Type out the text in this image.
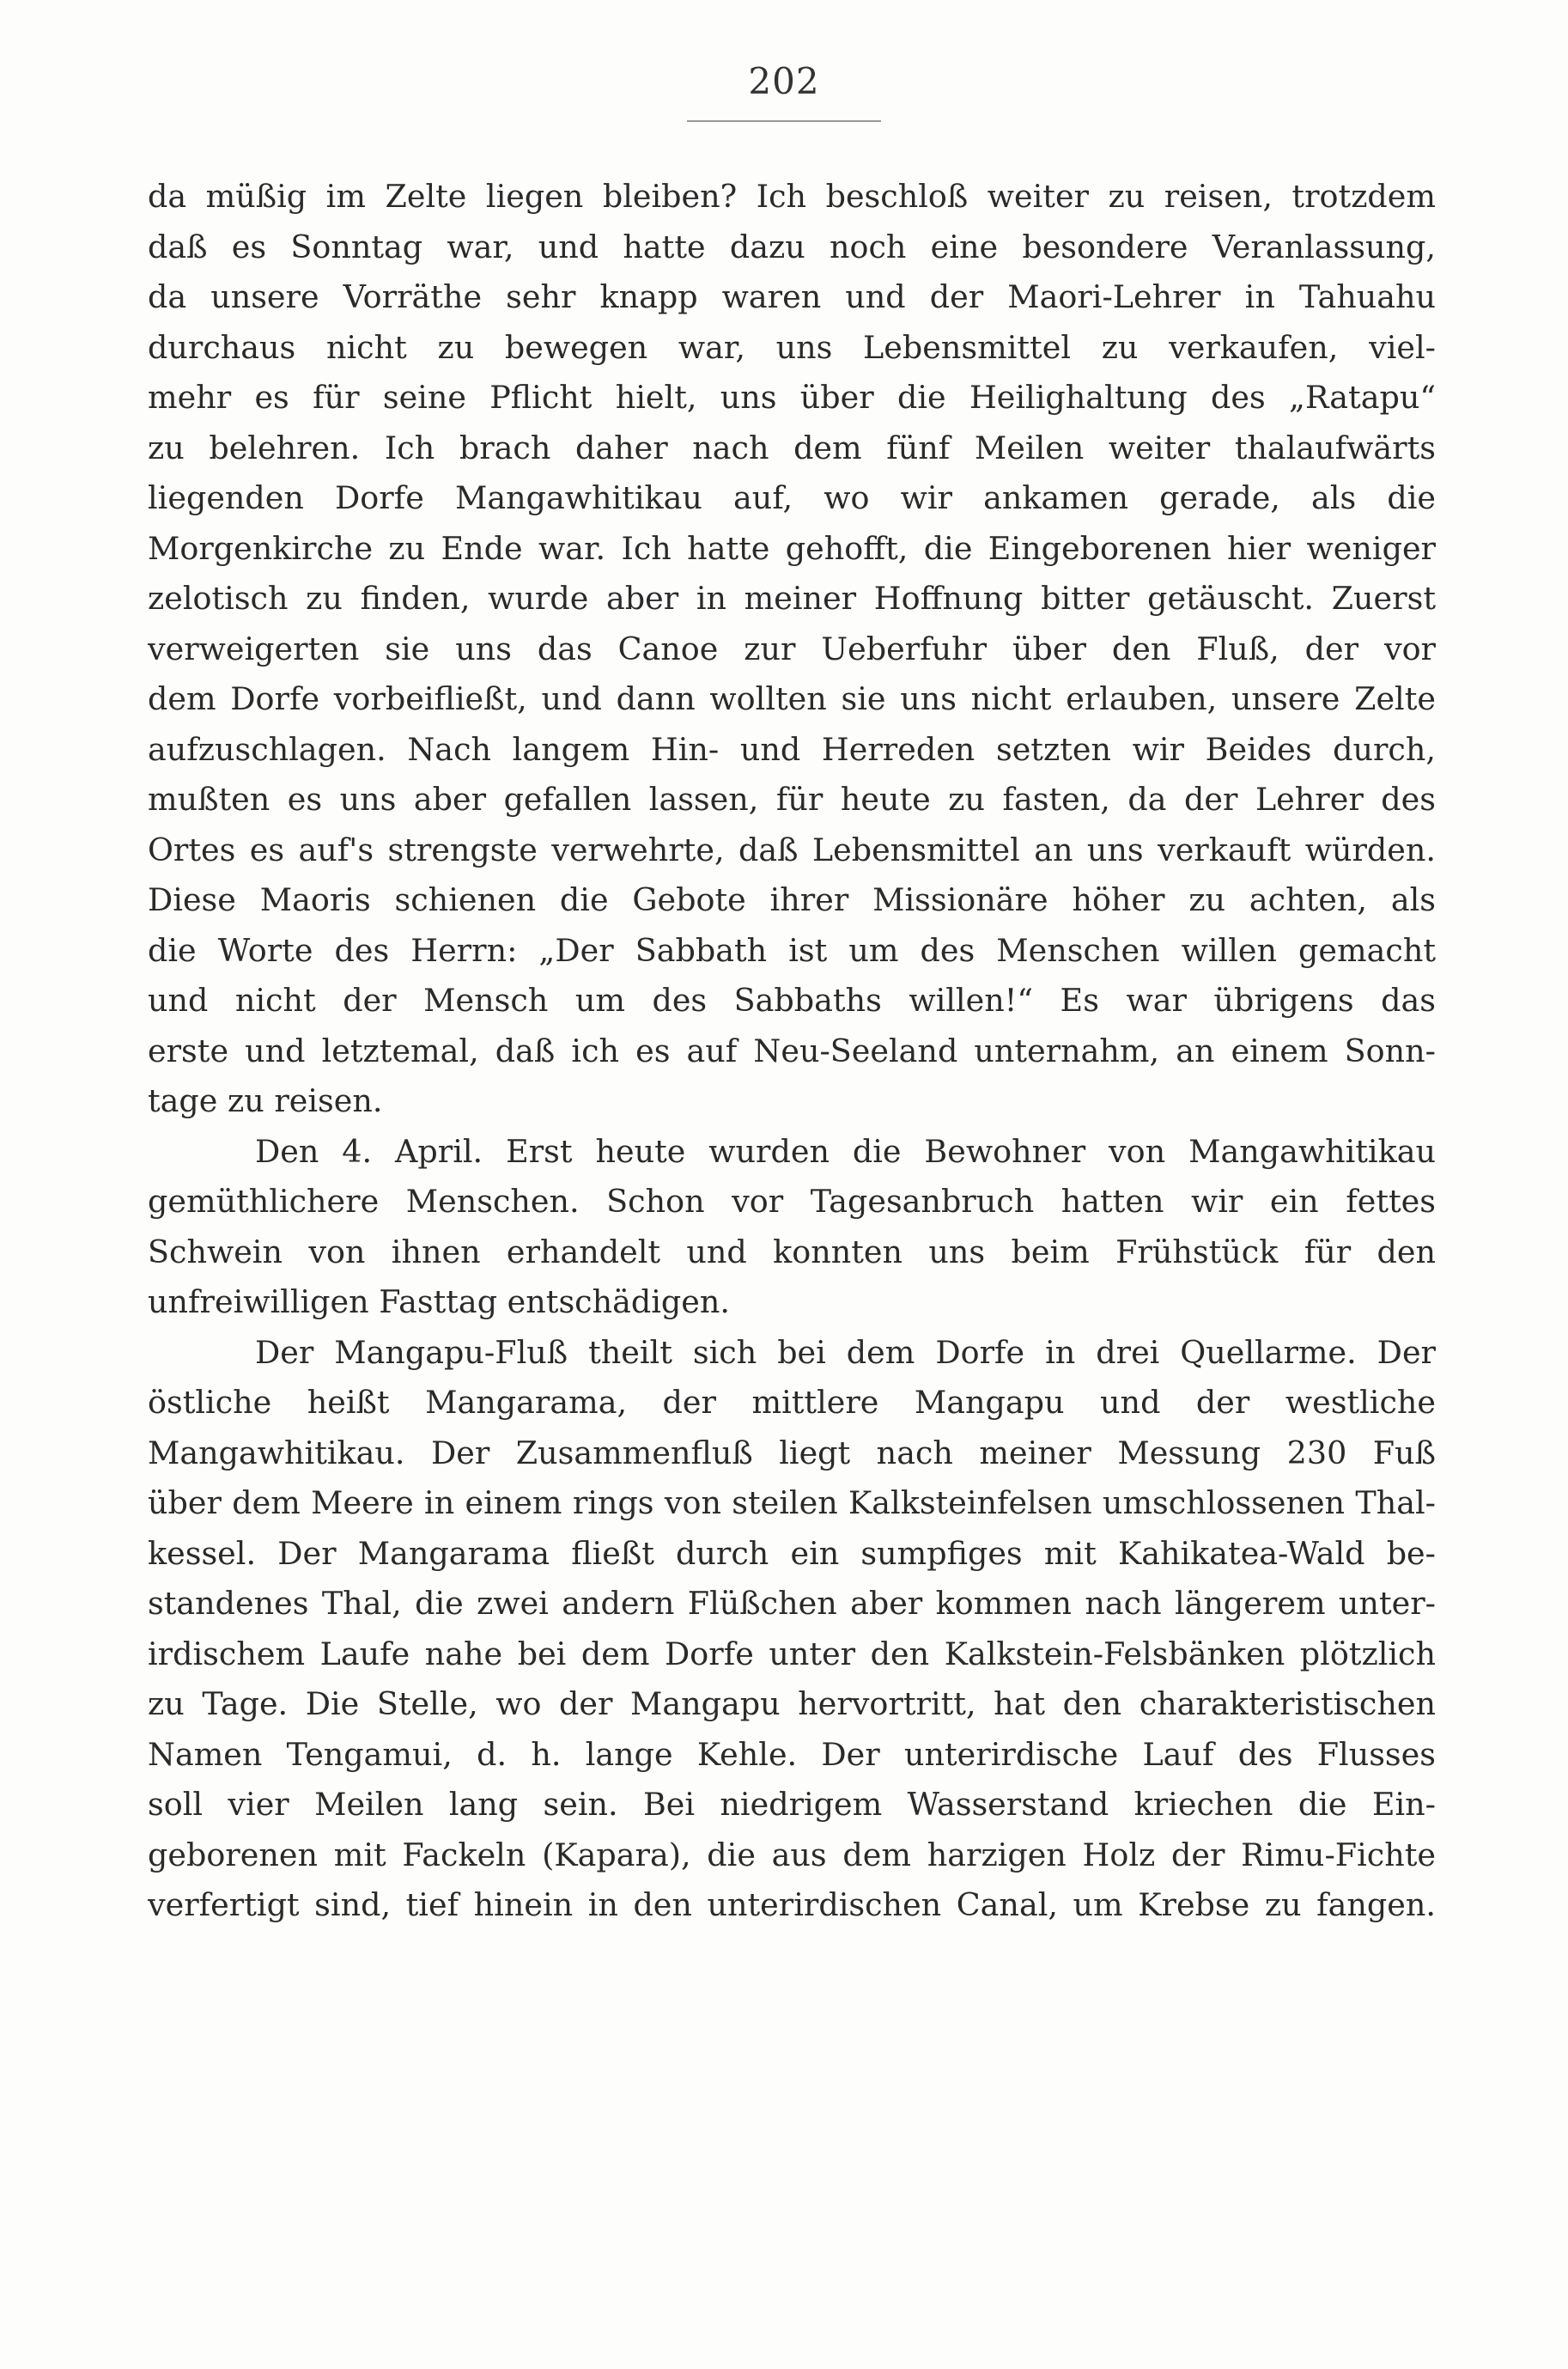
202
da müßig im Zelte liegen bleiben? Ich beschloß weiter zu reisen, trotzdem
daß es Sonntag war, und hatte dazu noch eine besondere Veranlassung,
da unsere Vorräthe sehr knapp waren und der Maori-Lehrer in Tahuahu
durchaus nicht zu bewegen war, uns Lebensmittel zu verkaufen, viel-
mehr es für seine Pflicht hielt, uns über die Heilighaltung des „Ratapu“
zu belehren. Ich brach daher nach dem fünf Meilen weiter thalaufwärts
liegenden Dorfe Mangawhitikau auf, wo wir ankamen gerade, als die
Morgenkirche zu Ende war. Ich hatte gehofft, die Eingeborenen hier weniger
zelotisch zu finden, wurde aber in meiner Hoffnung bitter getäuscht. Zuerst
verweigerten sie uns das Canoe zur Ueberfuhr über den Fluß, der vor
dem Dorfe vorbeifließt, und dann wollten sie uns nicht erlauben, unsere Zelte
aufzuschlagen. Nach langem Hin- und Herreden setzten wir Beides durch,
mußten es uns aber gefallen lassen, für heute zu fasten, da der Lehrer des
Ortes es auf's strengste verwehrte, daß Lebensmittel an uns verkauft würden.
Diese Maoris schienen die Gebote ihrer Missionäre höher zu achten, als
die Worte des Herrn: „Der Sabbath ist um des Menschen willen gemacht
und nicht der Mensch um des Sabbaths willen!“ Es war übrigens das
erste und letztemal, daß ich es auf Neu-Seeland unternahm, an einem Sonn-
tage zu reisen.
Den 4. April. Erst heute wurden die Bewohner von Mangawhitikau
gemüthlichere Menschen. Schon vor Tagesanbruch hatten wir ein fettes
Schwein von ihnen erhandelt und konnten uns beim Frühstück für den
unfreiwilligen Fasttag entschädigen.
Der Mangapu-Fluß theilt sich bei dem Dorfe in drei Quellarme. Der
östliche heißt Mangarama, der mittlere Mangapu und der westliche
Mangawhitikau. Der Zusammenfluß liegt nach meiner Messung 230 Fuß
über dem Meere in einem rings von steilen Kalksteinfelsen umschlossenen Thal-
kessel. Der Mangarama fließt durch ein sumpfiges mit Kahikatea-Wald be-
standenes Thal, die zwei andern Flüßchen aber kommen nach längerem unter-
irdischem Laufe nahe bei dem Dorfe unter den Kalkstein-Felsbänken plötzlich
zu Tage. Die Stelle, wo der Mangapu hervortritt, hat den charakteristischen
Namen Tengamui, d. h. lange Kehle. Der unterirdische Lauf des Flusses
soll vier Meilen lang sein. Bei niedrigem Wasserstand kriechen die Ein-
geborenen mit Fackeln (Kapara), die aus dem harzigen Holz der Rimu-Fichte
verfertigt sind, tief hinein in den unterirdischen Canal, um Krebse zu fangen.
